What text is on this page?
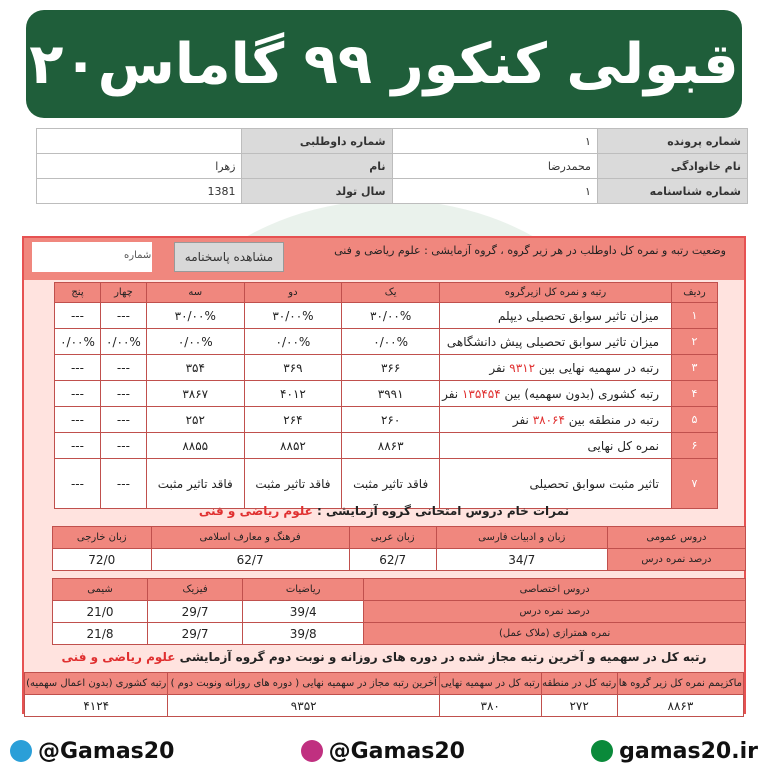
قبولی کنکور ۹۹ گاماس۲۰
شماره پرونده	۱	شماره داوطلبی	
نام خانوادگی	محمدرضا	نام	زهرا
شماره شناسنامه	۱	سال تولد	1381
وضعیت رتبه و نمره کل داوطلب در هر زیر گروه ، گروه آزمایشی : علوم ریاضی و فنی
مشاهده پاسخنامه
شماره
ردیف	رتبه و نمره کل ازیرگروه	یک	دو	سه	چهار	پنج
۱	میزان تاثیر سوابق تحصیلی دیپلم	۳۰/۰۰%	۳۰/۰۰%	۳۰/۰۰%	---	---
۲	میزان تاثیر سوابق تحصیلی پیش دانشگاهی	۰/۰۰%	۰/۰۰%	۰/۰۰%	۰/۰۰%	۰/۰۰%
۳	رتبه در سهمیه نهایی بین ۹۳۱۲ نفر	۳۶۶	۳۶۹	۳۵۴	---	---
۴	رتبه کشوری (بدون سهمیه) بین ۱۳۵۴۵۴ نفر	۳۹۹۱	۴۰۱۲	۳۸۶۷	---	---
۵	رتبه در منطقه بین ۳۸۰۶۴ نفر	۲۶۰	۲۶۴	۲۵۲	---	---
۶	نمره کل نهایی	۸۸۶۳	۸۸۵۲	۸۸۵۵	---	---
۷	تاثیر مثبت سوابق تحصیلی	فاقد تاثیر مثبت	فاقد تاثیر مثبت	فاقد تاثیر مثبت	---	---
نمرات خام دروس امتحانی گروه آزمایشی : علوم ریاضی و فنی
دروس عمومی	زبان و ادبیات فارسی	زبان عربی	فرهنگ و معارف اسلامی	زبان خارجی
درصد نمره درس	34/7	62/7	62/7	72/0
دروس اختصاصی	ریاضیات	فیزیک	شیمی
درصد نمره درس	39/4	29/7	21/0
نمره همترازی (ملاک عمل)	39/8	29/7	21/8
رتبه کل در سهمیه و آخرین رتبه مجاز شده در دوره های روزانه و نوبت دوم گروه آزمایشی علوم ریاضی و فنی
ماکزیمم نمره کل زیر گروه ها	رتبه کل در منطقه	رتبه کل در سهمیه نهایی	آخرین رتبه مجاز در سهمیه نهایی ( دوره های روزانه ونوبت دوم )	رتبه کشوری (بدون اعمال سهمیه)
۸۸۶۳	۲۷۲	۳۸۰	۹۳۵۲	۴۱۲۴
@Gamas20	@Gamas20	gamas20.ir
